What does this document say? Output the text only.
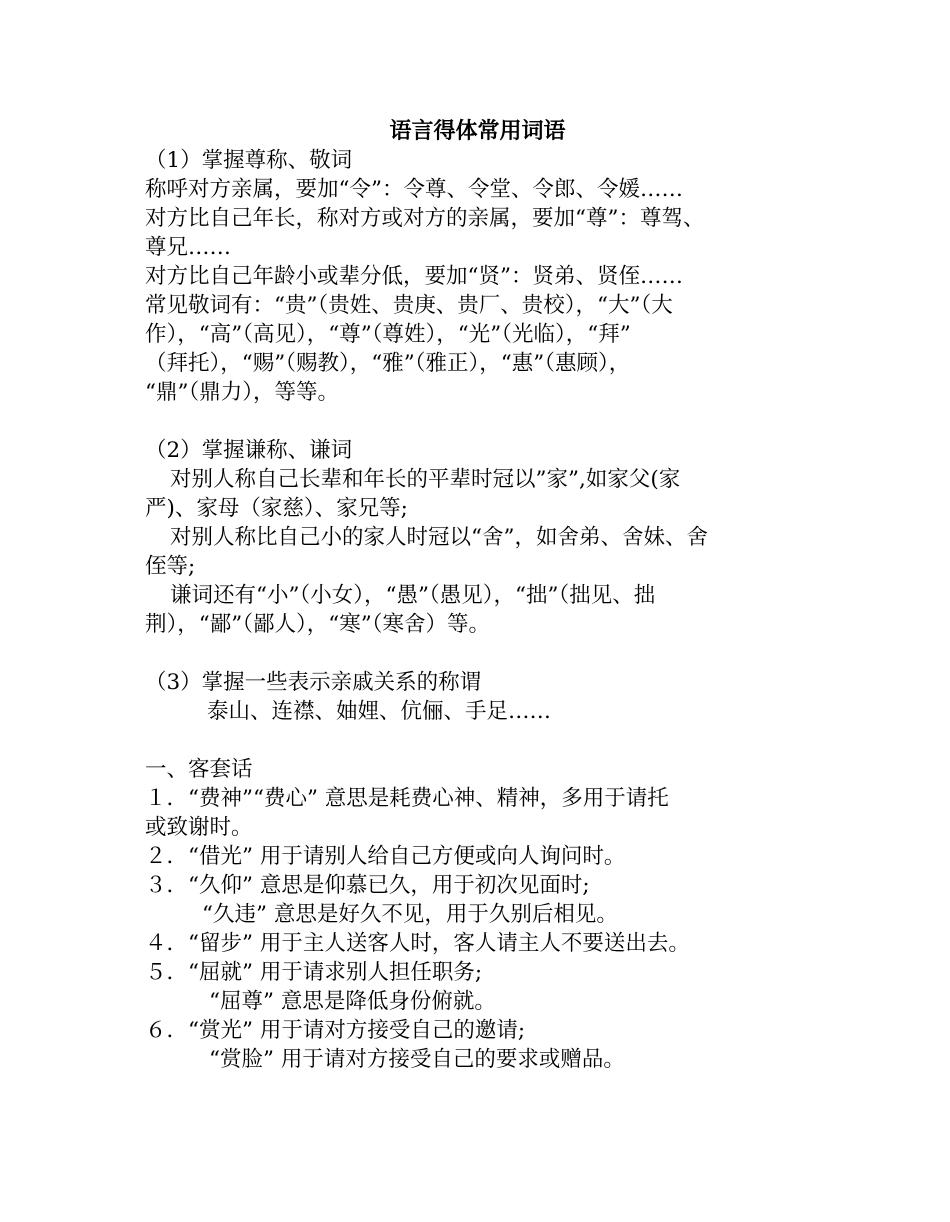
语言得体常用词语

（1）掌握尊称、敬词

称呼对方亲属，要加“令”：令尊、令堂、令郎、令媛……

对方比自己年长，称对方或对方的亲属，要加“尊”：尊驾、

尊兄……

对方比自己年龄小或辈分低，要加“贤”：贤弟、贤侄……

常见敬词有：“贵”（贵姓、贵庚、贵厂、贵校），“大”（大

作），“高”（高见），“尊”（尊姓），“光”（光临），“拜”

（拜托），“赐”（赐教），“雅”（雅正），“惠”（惠顾），

“鼎”（鼎力），等等。

（2）掌握谦称、谦词

对别人称自己长辈和年长的平辈时冠以”家”,如家父(家

严)、家母（家慈）、家兄等;

对别人称比自己小的家人时冠以“舍”，如舍弟、舍妹、舍

侄等;

谦词还有“小”（小女），“愚”（愚见），“拙”（拙见、拙

荆），“鄙”（鄙人），“寒”（寒舍）等。

（3）掌握一些表示亲戚关系的称谓

泰山、连襟、妯娌、伉俪、手足……

一、客套话

１．“费神”“费心” 意思是耗费心神、精神，多用于请托

或致谢时。

２．“借光” 用于请别人给自己方便或向人询问时。

３．“久仰” 意思是仰慕已久，用于初次见面时;

“久违” 意思是好久不见，用于久别后相见。

４．“留步” 用于主人送客人时，客人请主人不要送出去。

５．“屈就” 用于请求别人担任职务;

“屈尊” 意思是降低身份俯就。

６．“赏光” 用于请对方接受自己的邀请;

“赏脸” 用于请对方接受自己的要求或赠品。
